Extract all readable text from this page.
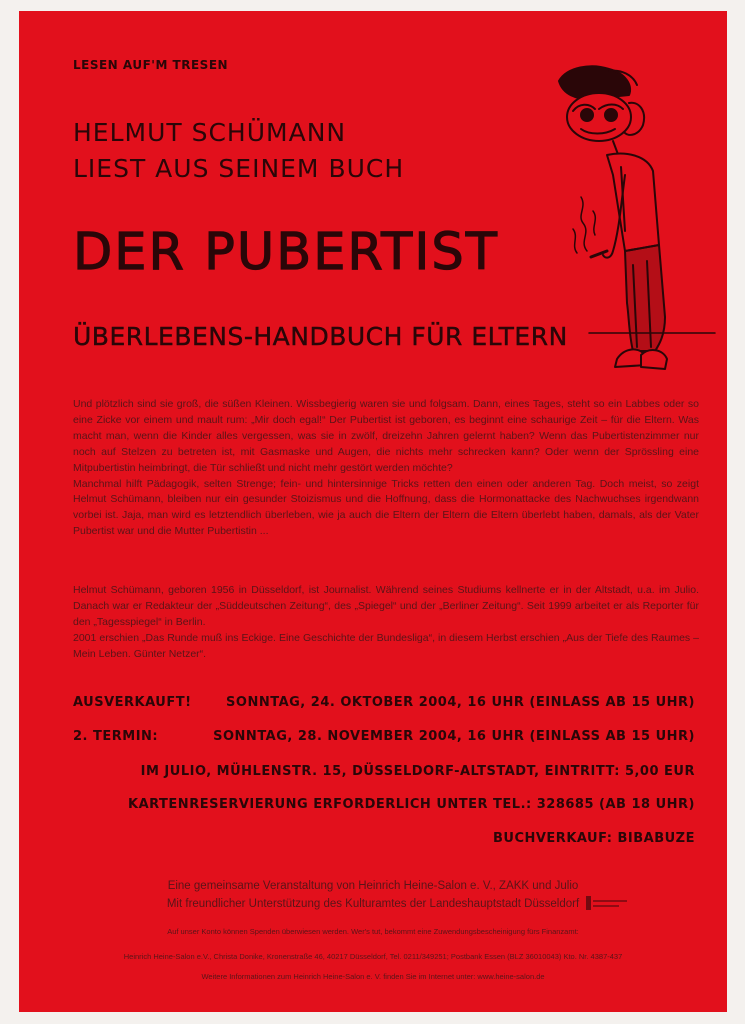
LESEN AUF'M TRESEN
HELMUT SCHÜMANN
LIEST AUS SEINEM BUCH
DER PUBERTIST
ÜBERLEBENS-HANDBUCH FÜR ELTERN

Und plötzlich sind sie groß, die süßen Kleinen. Wissbegierig waren sie und folgsam. Dann, eines Tages, steht so ein Labbes oder so eine Zicke vor einem und mault rum: „Mir doch egal!“ Der Pubertist ist geboren, es beginnt eine schaurige Zeit – für die Eltern. Was macht man, wenn die Kinder alles vergessen, was sie in zwölf, dreizehn Jahren gelernt haben? Wenn das Pubertistenzimmer nur noch auf Stelzen zu betreten ist, mit Gasmaske und Augen, die nichts mehr schrecken kann? Oder wenn der Sprössling eine Mitpubertistin heimbringt, die Tür schließt und nicht mehr gestört werden möchte?

Manchmal hilft Pädagogik, selten Strenge; fein- und hintersinnige Tricks retten den einen oder anderen Tag. Doch meist, so zeigt Helmut Schümann, bleiben nur ein gesunder Stoizismus und die Hoffnung, dass die Hormonattacke des Nachwuchses irgendwann vorbei ist. Jaja, man wird es letztendlich überleben, wie ja auch die Eltern der Eltern die Eltern überlebt haben, damals, als der Vater Pubertist war und die Mutter Pubertistin ...

Helmut Schümann, geboren 1956 in Düsseldorf, ist Journalist. Während seines Studiums kellnerte er in der Altstadt, u.a. im Julio. Danach war er Redakteur der „Süddeutschen Zeitung“, des „Spiegel“ und der „Berliner Zeitung“. Seit 1999 arbeitet er als Reporter für den „Tagesspiegel“ in Berlin.

2001 erschien „Das Runde muß ins Eckige. Eine Geschichte der Bundesliga“, in diesem Herbst erschien „Aus der Tiefe des Raumes – Mein Leben. Günter Netzer“.

AUSVERKAUFT!	SONNTAG, 24. OKTOBER 2004, 16 UHR (EINLASS AB 15 UHR)
2. TERMIN:	SONNTAG, 28. NOVEMBER 2004, 16 UHR (EINLASS AB 15 UHR)
IM JULIO, MÜHLENSTR. 15, DÜSSELDORF-ALTSTADT, EINTRITT: 5,00 EUR
KARTENRESERVIERUNG ERFORDERLICH UNTER TEL.: 328685 (AB 18 UHR)
BUCHVERKAUF: BIBABUZE
Eine gemeinsame Veranstaltung von Heinrich Heine-Salon e. V., ZAKK und Julio
Mit freundlicher Unterstützung des Kulturamtes der Landeshauptstadt Düsseldorf
Auf unser Konto können Spenden überwiesen werden. Wer's tut, bekommt eine Zuwendungsbescheinigung fürs Finanzamt:
Heinrich Heine-Salon e.V., Christa Donike, Kronenstraße 46, 40217 Düsseldorf, Tel. 0211/349251; Postbank Essen (BLZ 36010043) Kto. Nr. 4387-437
Weitere Informationen zum Heinrich Heine-Salon e. V. finden Sie im Internet unter: www.heine-salon.de
